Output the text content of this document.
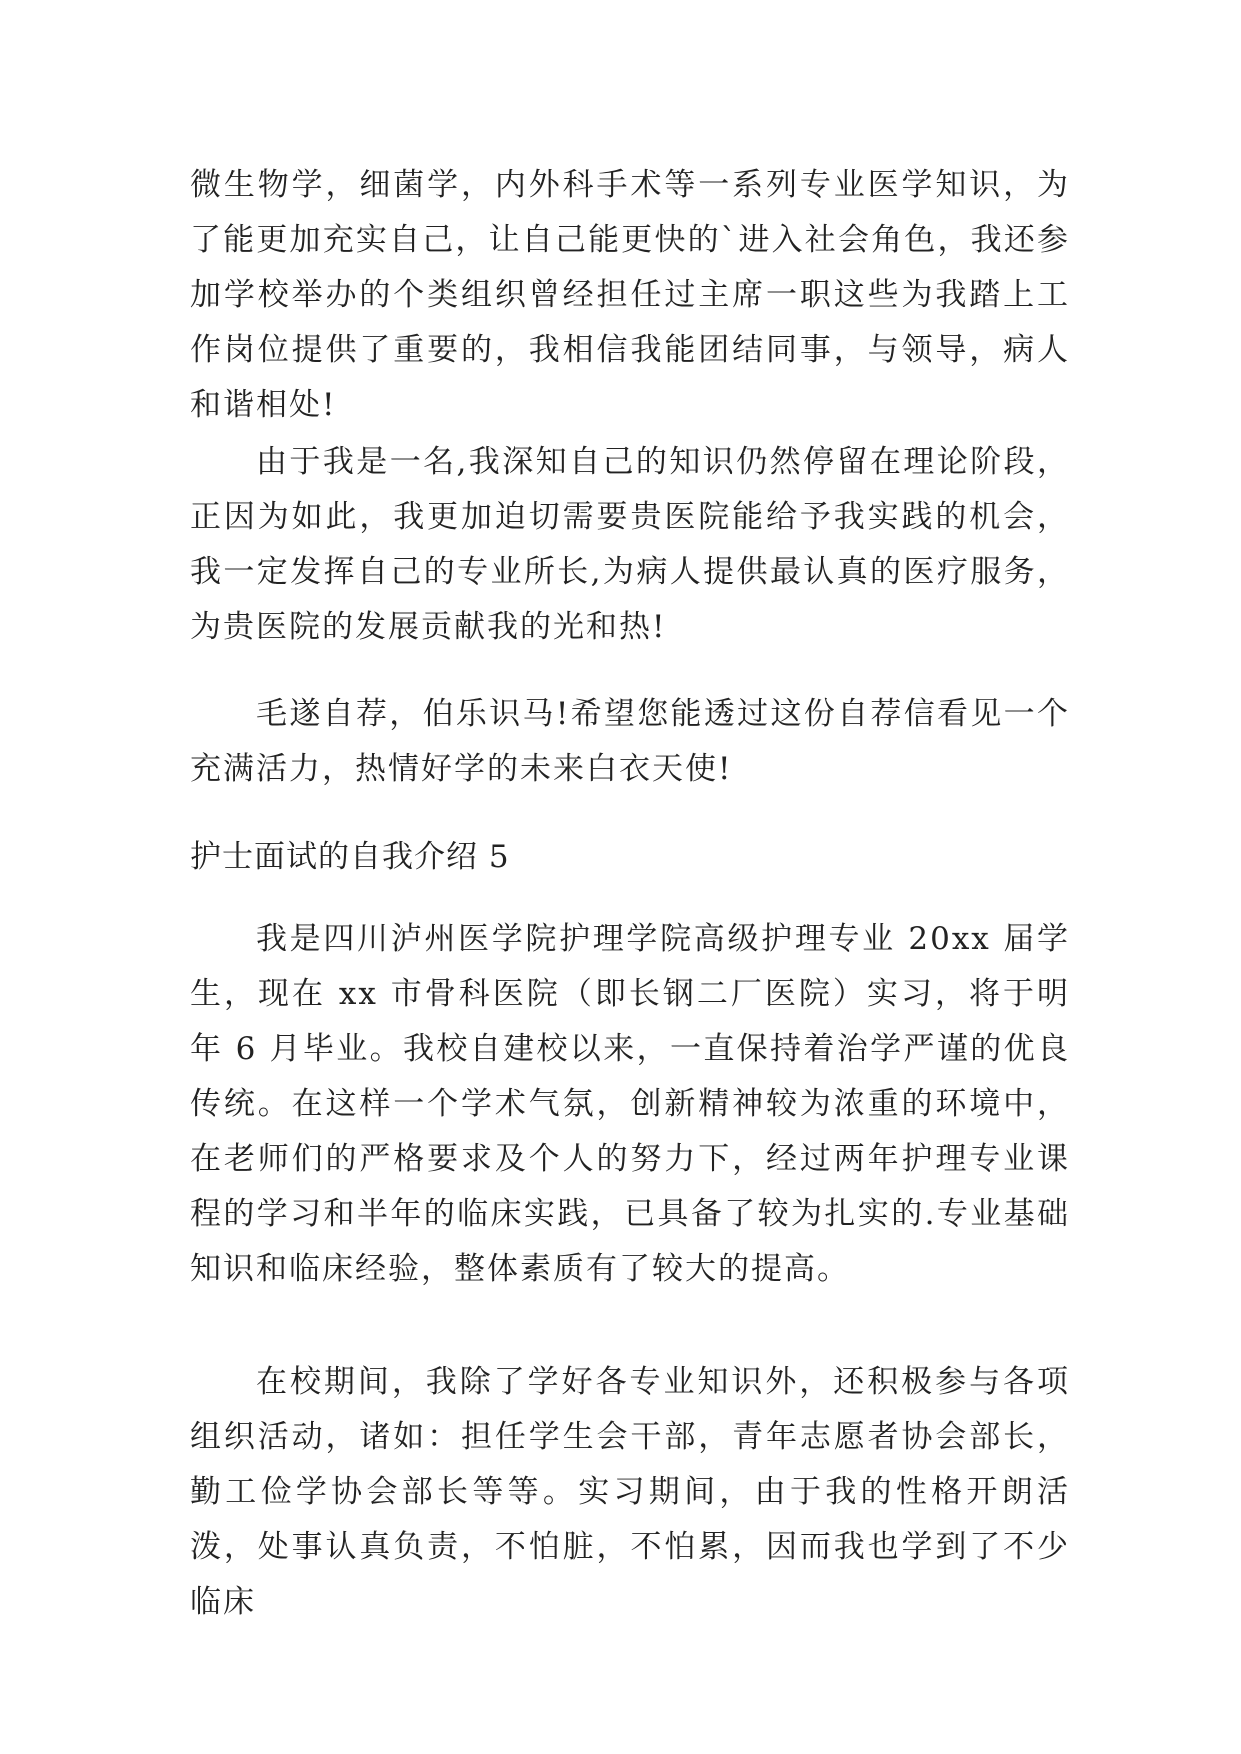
微生物学，细菌学，内外科手术等一系列专业医学知识，为了能更加充实自己，让自己能更快的`进入社会角色，我还参加学校举办的个类组织曾经担任过主席一职这些为我踏上工作岗位提供了重要的，我相信我能团结同事，与领导，病人和谐相处!

由于我是一名,我深知自己的知识仍然停留在理论阶段，正因为如此，我更加迫切需要贵医院能给予我实践的机会，我一定发挥自己的专业所长,为病人提供最认真的医疗服务，为贵医院的发展贡献我的光和热!

毛遂自荐，伯乐识马!希望您能透过这份自荐信看见一个充满活力，热情好学的未来白衣天使!

护士面试的自我介绍 5

我是四川泸州医学院护理学院高级护理专业 20xx 届学生，现在 xx 市骨科医院（即长钢二厂医院）实习，将于明年 6 月毕业。我校自建校以来，一直保持着治学严谨的优良传统。在这样一个学术气氛，创新精神较为浓重的环境中，在老师们的严格要求及个人的努力下，经过两年护理专业课程的学习和半年的临床实践，已具备了较为扎实的.专业基础知识和临床经验，整体素质有了较大的提高。

在校期间，我除了学好各专业知识外，还积极参与各项组织活动，诸如：担任学生会干部，青年志愿者协会部长，勤工俭学协会部长等等。实习期间，由于我的性格开朗活泼，处事认真负责，不怕脏，不怕累，因而我也学到了不少临床
